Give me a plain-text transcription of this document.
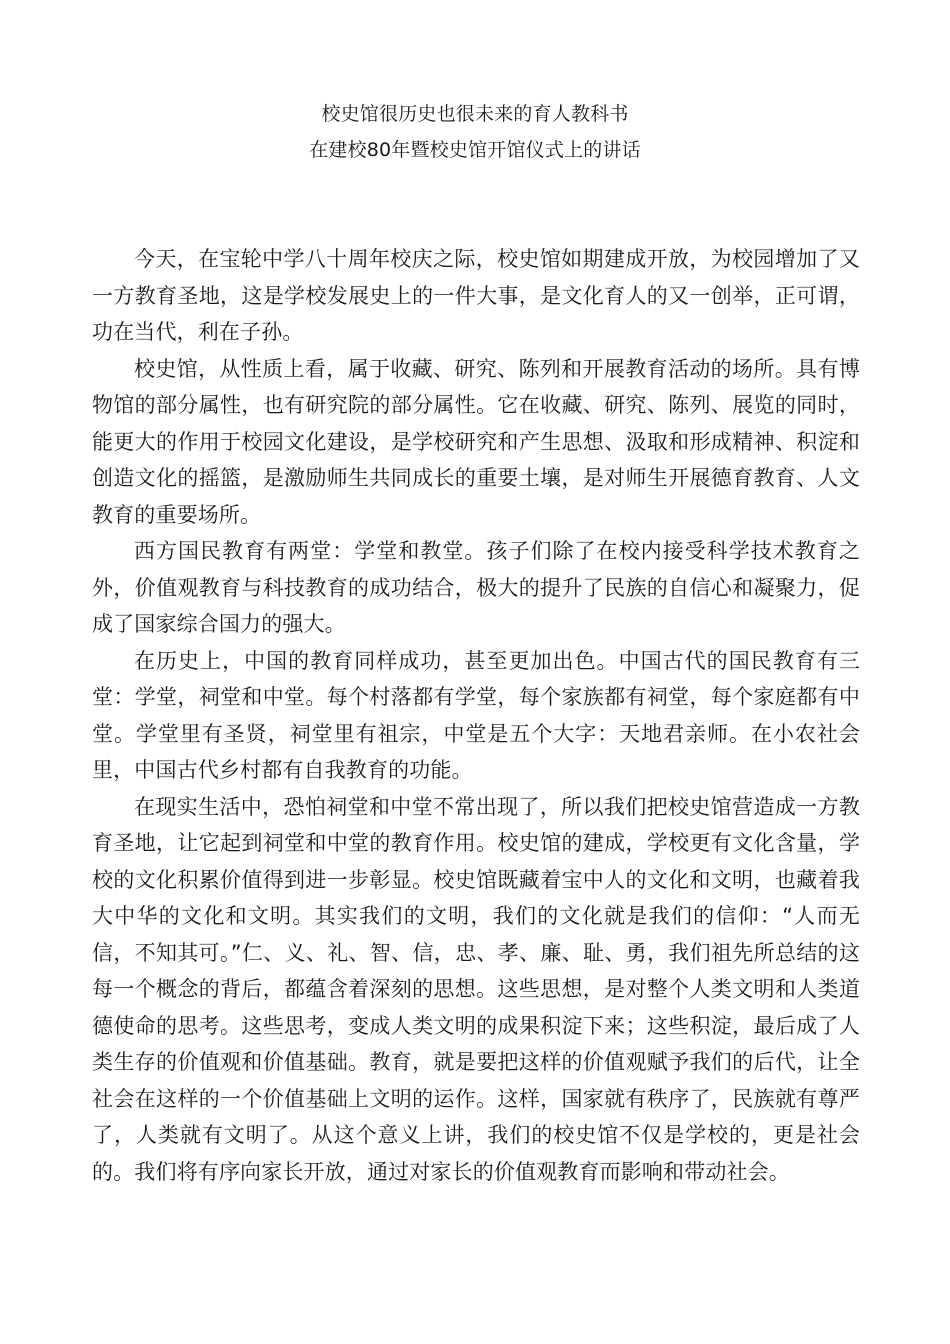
校史馆很历史也很未来的育人教科书
在建校80年暨校史馆开馆仪式上的讲话

今天，在宝轮中学八十周年校庆之际，校史馆如期建成开放，为校园增加了又一方教育圣地，这是学校发展史上的一件大事，是文化育人的又一创举，正可谓，功在当代，利在子孙。

校史馆，从性质上看，属于收藏、研究、陈列和开展教育活动的场所。具有博物馆的部分属性，也有研究院的部分属性。它在收藏、研究、陈列、展览的同时，能更大的作用于校园文化建设，是学校研究和产生思想、汲取和形成精神、积淀和创造文化的摇篮，是激励师生共同成长的重要土壤，是对师生开展德育教育、人文教育的重要场所。

西方国民教育有两堂：学堂和教堂。孩子们除了在校内接受科学技术教育之外，价值观教育与科技教育的成功结合，极大的提升了民族的自信心和凝聚力，促成了国家综合国力的强大。

在历史上，中国的教育同样成功，甚至更加出色。中国古代的国民教育有三堂：学堂，祠堂和中堂。每个村落都有学堂，每个家族都有祠堂，每个家庭都有中堂。学堂里有圣贤，祠堂里有祖宗，中堂是五个大字：天地君亲师。在小农社会里，中国古代乡村都有自我教育的功能。

在现实生活中，恐怕祠堂和中堂不常出现了，所以我们把校史馆营造成一方教育圣地，让它起到祠堂和中堂的教育作用。校史馆的建成，学校更有文化含量，学校的文化积累价值得到进一步彰显。校史馆既藏着宝中人的文化和文明，也藏着我大中华的文化和文明。其实我们的文明，我们的文化就是我们的信仰：“人而无信，不知其可。”仁、义、礼、智、信，忠、孝、廉、耻、勇，我们祖先所总结的这每一个概念的背后，都蕴含着深刻的思想。这些思想，是对整个人类文明和人类道德使命的思考。这些思考，变成人类文明的成果积淀下来；这些积淀，最后成了人类生存的价值观和价值基础。教育，就是要把这样的价值观赋予我们的后代，让全社会在这样的一个价值基础上文明的运作。这样，国家就有秩序了，民族就有尊严了，人类就有文明了。从这个意义上讲，我们的校史馆不仅是学校的，更是社会的。我们将有序向家长开放，通过对家长的价值观教育而影响和带动社会。
